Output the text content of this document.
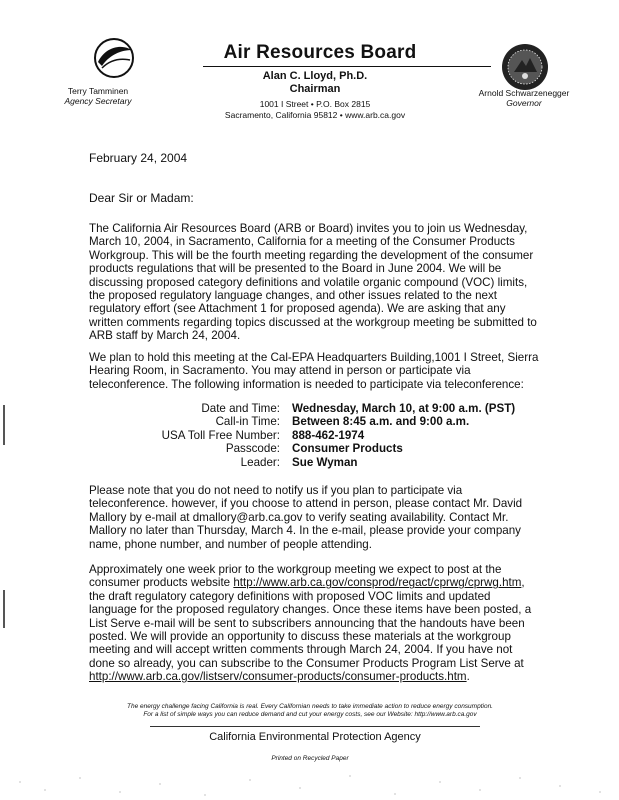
Terry Tamminen
Agency Secretary
Arnold Schwarzenegger
Governor
Air Resources Board
Alan C. Lloyd, Ph.D.
Chairman
1001 I Street • P.O. Box 2815
Sacramento, California 95812 • www.arb.ca.gov
February 24, 2004
Dear Sir or Madam:
The California Air Resources Board (ARB or Board) invites you to join us Wednesday, March 10, 2004, in Sacramento, California for a meeting of the Consumer Products Workgroup. This will be the fourth meeting regarding the development of the consumer products regulations that will be presented to the Board in June 2004. We will be discussing proposed category definitions and volatile organic compound (VOC) limits, the proposed regulatory language changes, and other issues related to the next regulatory effort (see Attachment 1 for proposed agenda). We are asking that any written comments regarding topics discussed at the workgroup meeting be submitted to ARB staff by March 24, 2004.
We plan to hold this meeting at the Cal-EPA Headquarters Building,1001 I Street, Sierra Hearing Room, in Sacramento. You may attend in person or participate via teleconference. The following information is needed to participate via teleconference:
Date and Time:	Wednesday, March 10, at 9:00 a.m. (PST)
Call-in Time:	Between 8:45 a.m. and 9:00 a.m.
USA Toll Free Number:	888-462-1974
Passcode:	Consumer Products
Leader:	Sue Wyman
Please note that you do not need to notify us if you plan to participate via teleconference. however, if you choose to attend in person, please contact Mr. David Mallory by e-mail at dmallory@arb.ca.gov to verify seating availability. Contact Mr. Mallory no later than Thursday, March 4. In the e-mail, please provide your company name, phone number, and number of people attending.
Approximately one week prior to the workgroup meeting we expect to post at the consumer products website http://www.arb.ca.gov/consprod/regact/cprwg/cprwg.htm, the draft regulatory category definitions with proposed VOC limits and updated language for the proposed regulatory changes. Once these items have been posted, a List Serve e-mail will be sent to subscribers announcing that the handouts have been posted. We will provide an opportunity to discuss these materials at the workgroup meeting and will accept written comments through March 24, 2004. If you have not done so already, you can subscribe to the Consumer Products Program List Serve at http://www.arb.ca.gov/listserv/consumer-products/consumer-products.htm.
The energy challenge facing California is real. Every Californian needs to take immediate action to reduce energy consumption.
For a list of simple ways you can reduce demand and cut your energy costs, see our Website: http://www.arb.ca.gov
California Environmental Protection Agency
Printed on Recycled Paper
